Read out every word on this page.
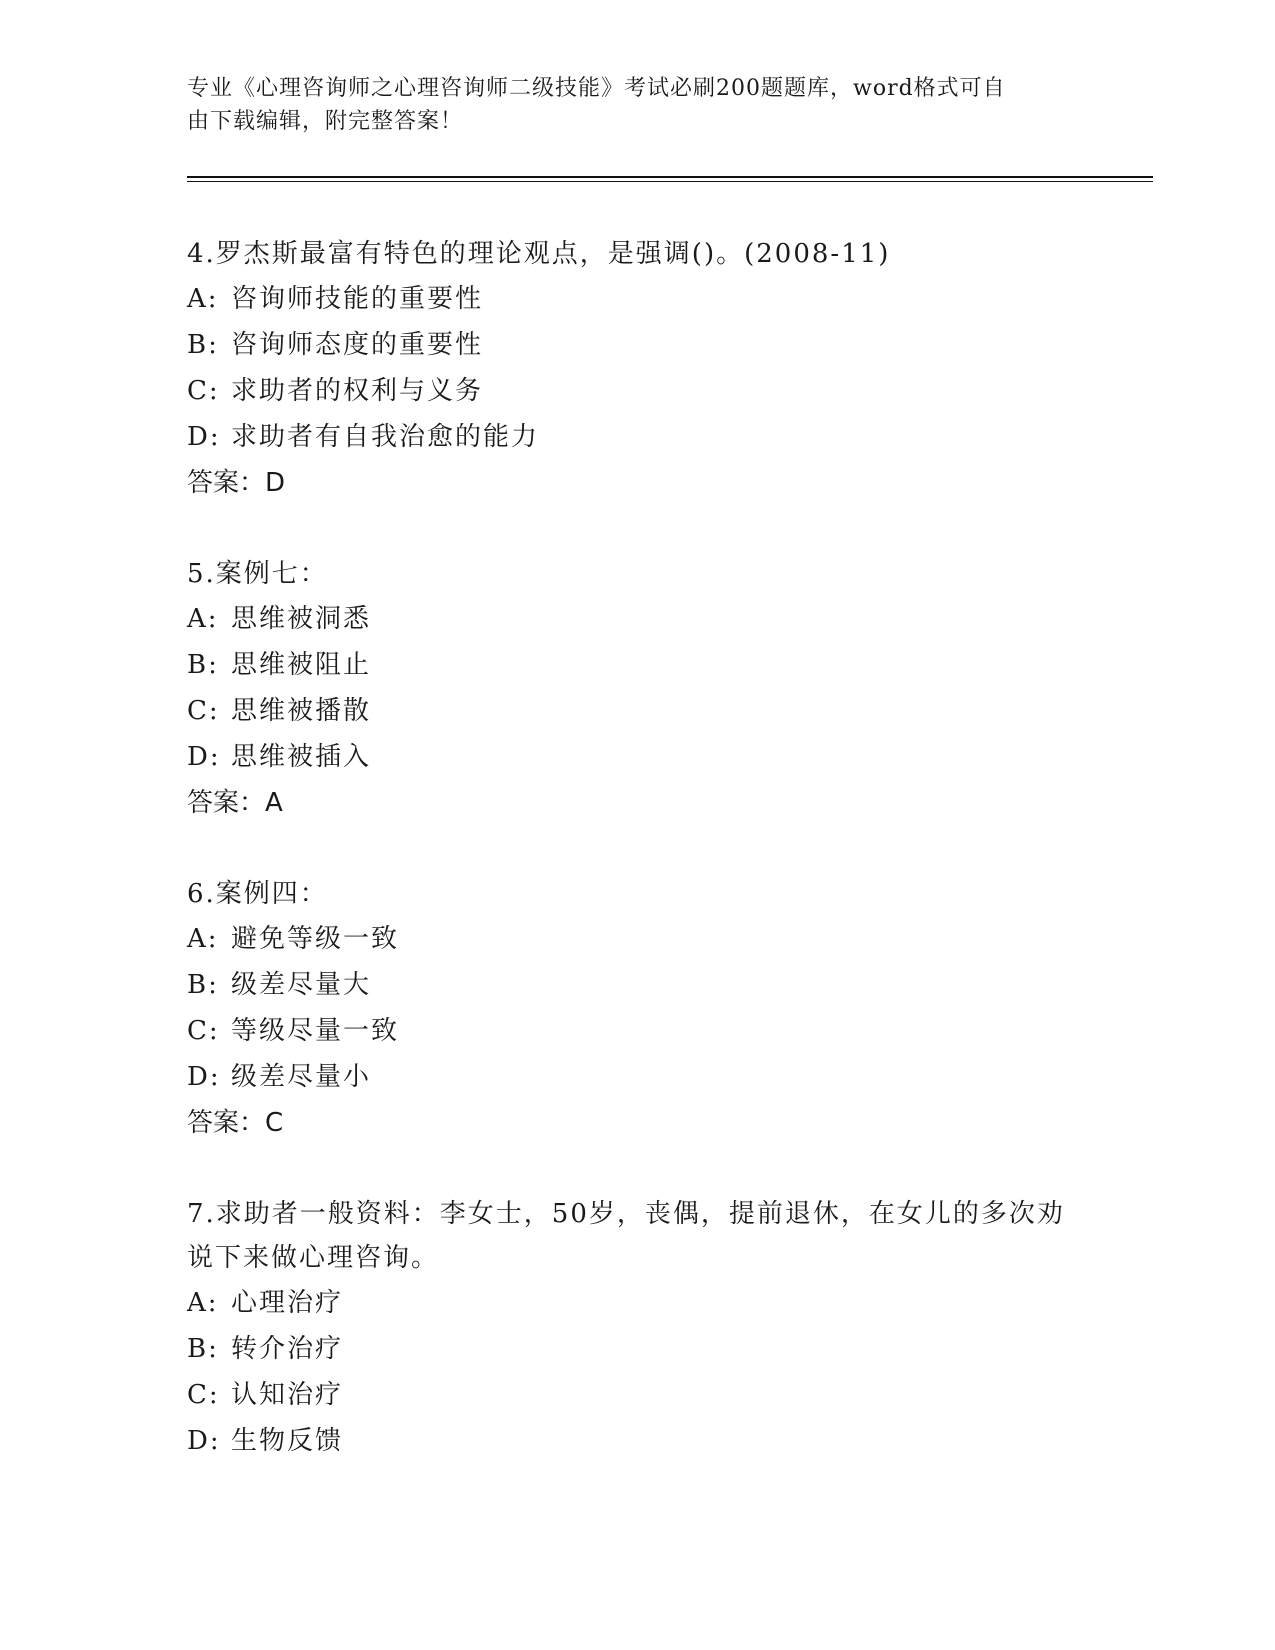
专业《心理咨询师之心理咨询师二级技能》考试必刷200题题库，word格式可自
由下载编辑，附完整答案！

4.罗杰斯最富有特色的理论观点，是强调()。(2008-11)

A: 咨询师技能的重要性

B: 咨询师态度的重要性

C: 求助者的权利与义务

D: 求助者有自我治愈的能力

答案：D

5.案例七：

A: 思维被洞悉

B: 思维被阻止

C: 思维被播散

D: 思维被插入

答案：A

6.案例四：

A: 避免等级一致

B: 级差尽量大

C: 等级尽量一致

D: 级差尽量小

答案：C

7.求助者一般资料：李女士，50岁，丧偶，提前退休，在女儿的多次劝说下来做心理咨询。

A: 心理治疗

B: 转介治疗

C: 认知治疗

D: 生物反馈
